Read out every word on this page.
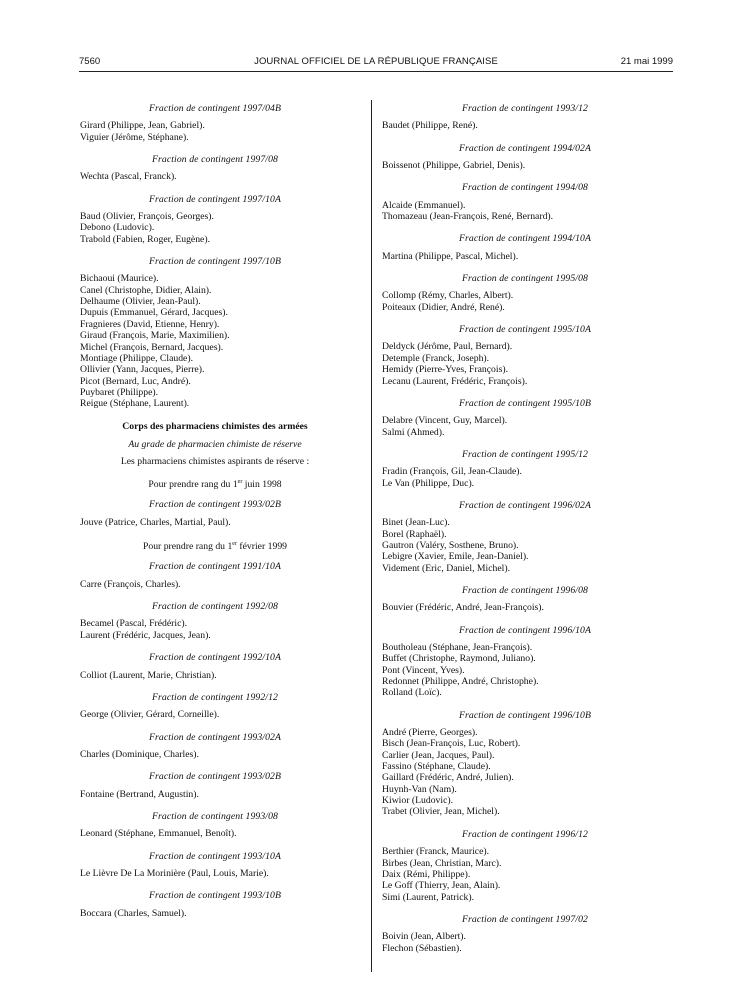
7560	JOURNAL OFFICIEL DE LA RÉPUBLIQUE FRANÇAISE	21 mai 1999
Fraction de contingent 1997/04B
Girard (Philippe, Jean, Gabriel).
Viguier (Jérôme, Stéphane).
Fraction de contingent 1997/08
Wechta (Pascal, Franck).
Fraction de contingent 1997/10A
Baud (Olivier, François, Georges).
Debono (Ludovic).
Trabold (Fabien, Roger, Eugène).
Fraction de contingent 1997/10B
Bichaoui (Maurice).
Canel (Christophe, Didier, Alain).
Delhaume (Olivier, Jean-Paul).
Dupuis (Emmanuel, Gérard, Jacques).
Fragnieres (David, Etienne, Henry).
Giraud (François, Marie, Maximilien).
Michel (François, Bernard, Jacques).
Montiage (Philippe, Claude).
Ollivier (Yann, Jacques, Pierre).
Picot (Bernard, Luc, André).
Puybaret (Philippe).
Reigue (Stéphane, Laurent).
Corps des pharmaciens chimistes des armées
Au grade de pharmacien chimiste de réserve
Les pharmaciens chimistes aspirants de réserve :
Pour prendre rang du 1er juin 1998
Fraction de contingent 1993/02B
Jouve (Patrice, Charles, Martial, Paul).
Pour prendre rang du 1er février 1999
Fraction de contingent 1991/10A
Carre (François, Charles).
Fraction de contingent 1992/08
Becamel (Pascal, Frédéric).
Laurent (Frédéric, Jacques, Jean).
Fraction de contingent 1992/10A
Colliot (Laurent, Marie, Christian).
Fraction de contingent 1992/12
George (Olivier, Gérard, Corneille).
Fraction de contingent 1993/02A
Charles (Dominique, Charles).
Fraction de contingent 1993/02B
Fontaine (Bertrand, Augustin).
Fraction de contingent 1993/08
Leonard (Stéphane, Emmanuel, Benoît).
Fraction de contingent 1993/10A
Le Lièvre De La Morinière (Paul, Louis, Marie).
Fraction de contingent 1993/10B
Boccara (Charles, Samuel).
Fraction de contingent 1993/12
Baudet (Philippe, René).
Fraction de contingent 1994/02A
Boissenot (Philippe, Gabriel, Denis).
Fraction de contingent 1994/08
Alcaide (Emmanuel).
Thomazeau (Jean-François, René, Bernard).
Fraction de contingent 1994/10A
Martina (Philippe, Pascal, Michel).
Fraction de contingent 1995/08
Collomp (Rémy, Charles, Albert).
Poiteaux (Didier, André, René).
Fraction de contingent 1995/10A
Deldyck (Jérôme, Paul, Bernard).
Detemple (Franck, Joseph).
Hemidy (Pierre-Yves, François).
Lecanu (Laurent, Frédéric, François).
Fraction de contingent 1995/10B
Delabre (Vincent, Guy, Marcel).
Salmi (Ahmed).
Fraction de contingent 1995/12
Fradin (François, Gil, Jean-Claude).
Le Van (Philippe, Duc).
Fraction de contingent 1996/02A
Binet (Jean-Luc).
Borel (Raphaël).
Gautron (Valéry, Sosthene, Bruno).
Lebigre (Xavier, Emile, Jean-Daniel).
Videment (Eric, Daniel, Michel).
Fraction de contingent 1996/08
Bouvier (Frédéric, André, Jean-François).
Fraction de contingent 1996/10A
Boutholeau (Stéphane, Jean-François).
Buffet (Christophe, Raymond, Juliano).
Pont (Vincent, Yves).
Redonnet (Philippe, André, Christophe).
Rolland (Loïc).
Fraction de contingent 1996/10B
André (Pierre, Georges).
Bisch (Jean-François, Luc, Robert).
Carlier (Jean, Jacques, Paul).
Fassino (Stéphane, Claude).
Gaillard (Frédéric, André, Julien).
Huynh-Van (Nam).
Kiwior (Ludovic).
Trabet (Olivier, Jean, Michel).
Fraction de contingent 1996/12
Berthier (Franck, Maurice).
Birbes (Jean, Christian, Marc).
Daix (Rémi, Philippe).
Le Goff (Thierry, Jean, Alain).
Simi (Laurent, Patrick).
Fraction de contingent 1997/02
Boivin (Jean, Albert).
Flechon (Sébastien).
